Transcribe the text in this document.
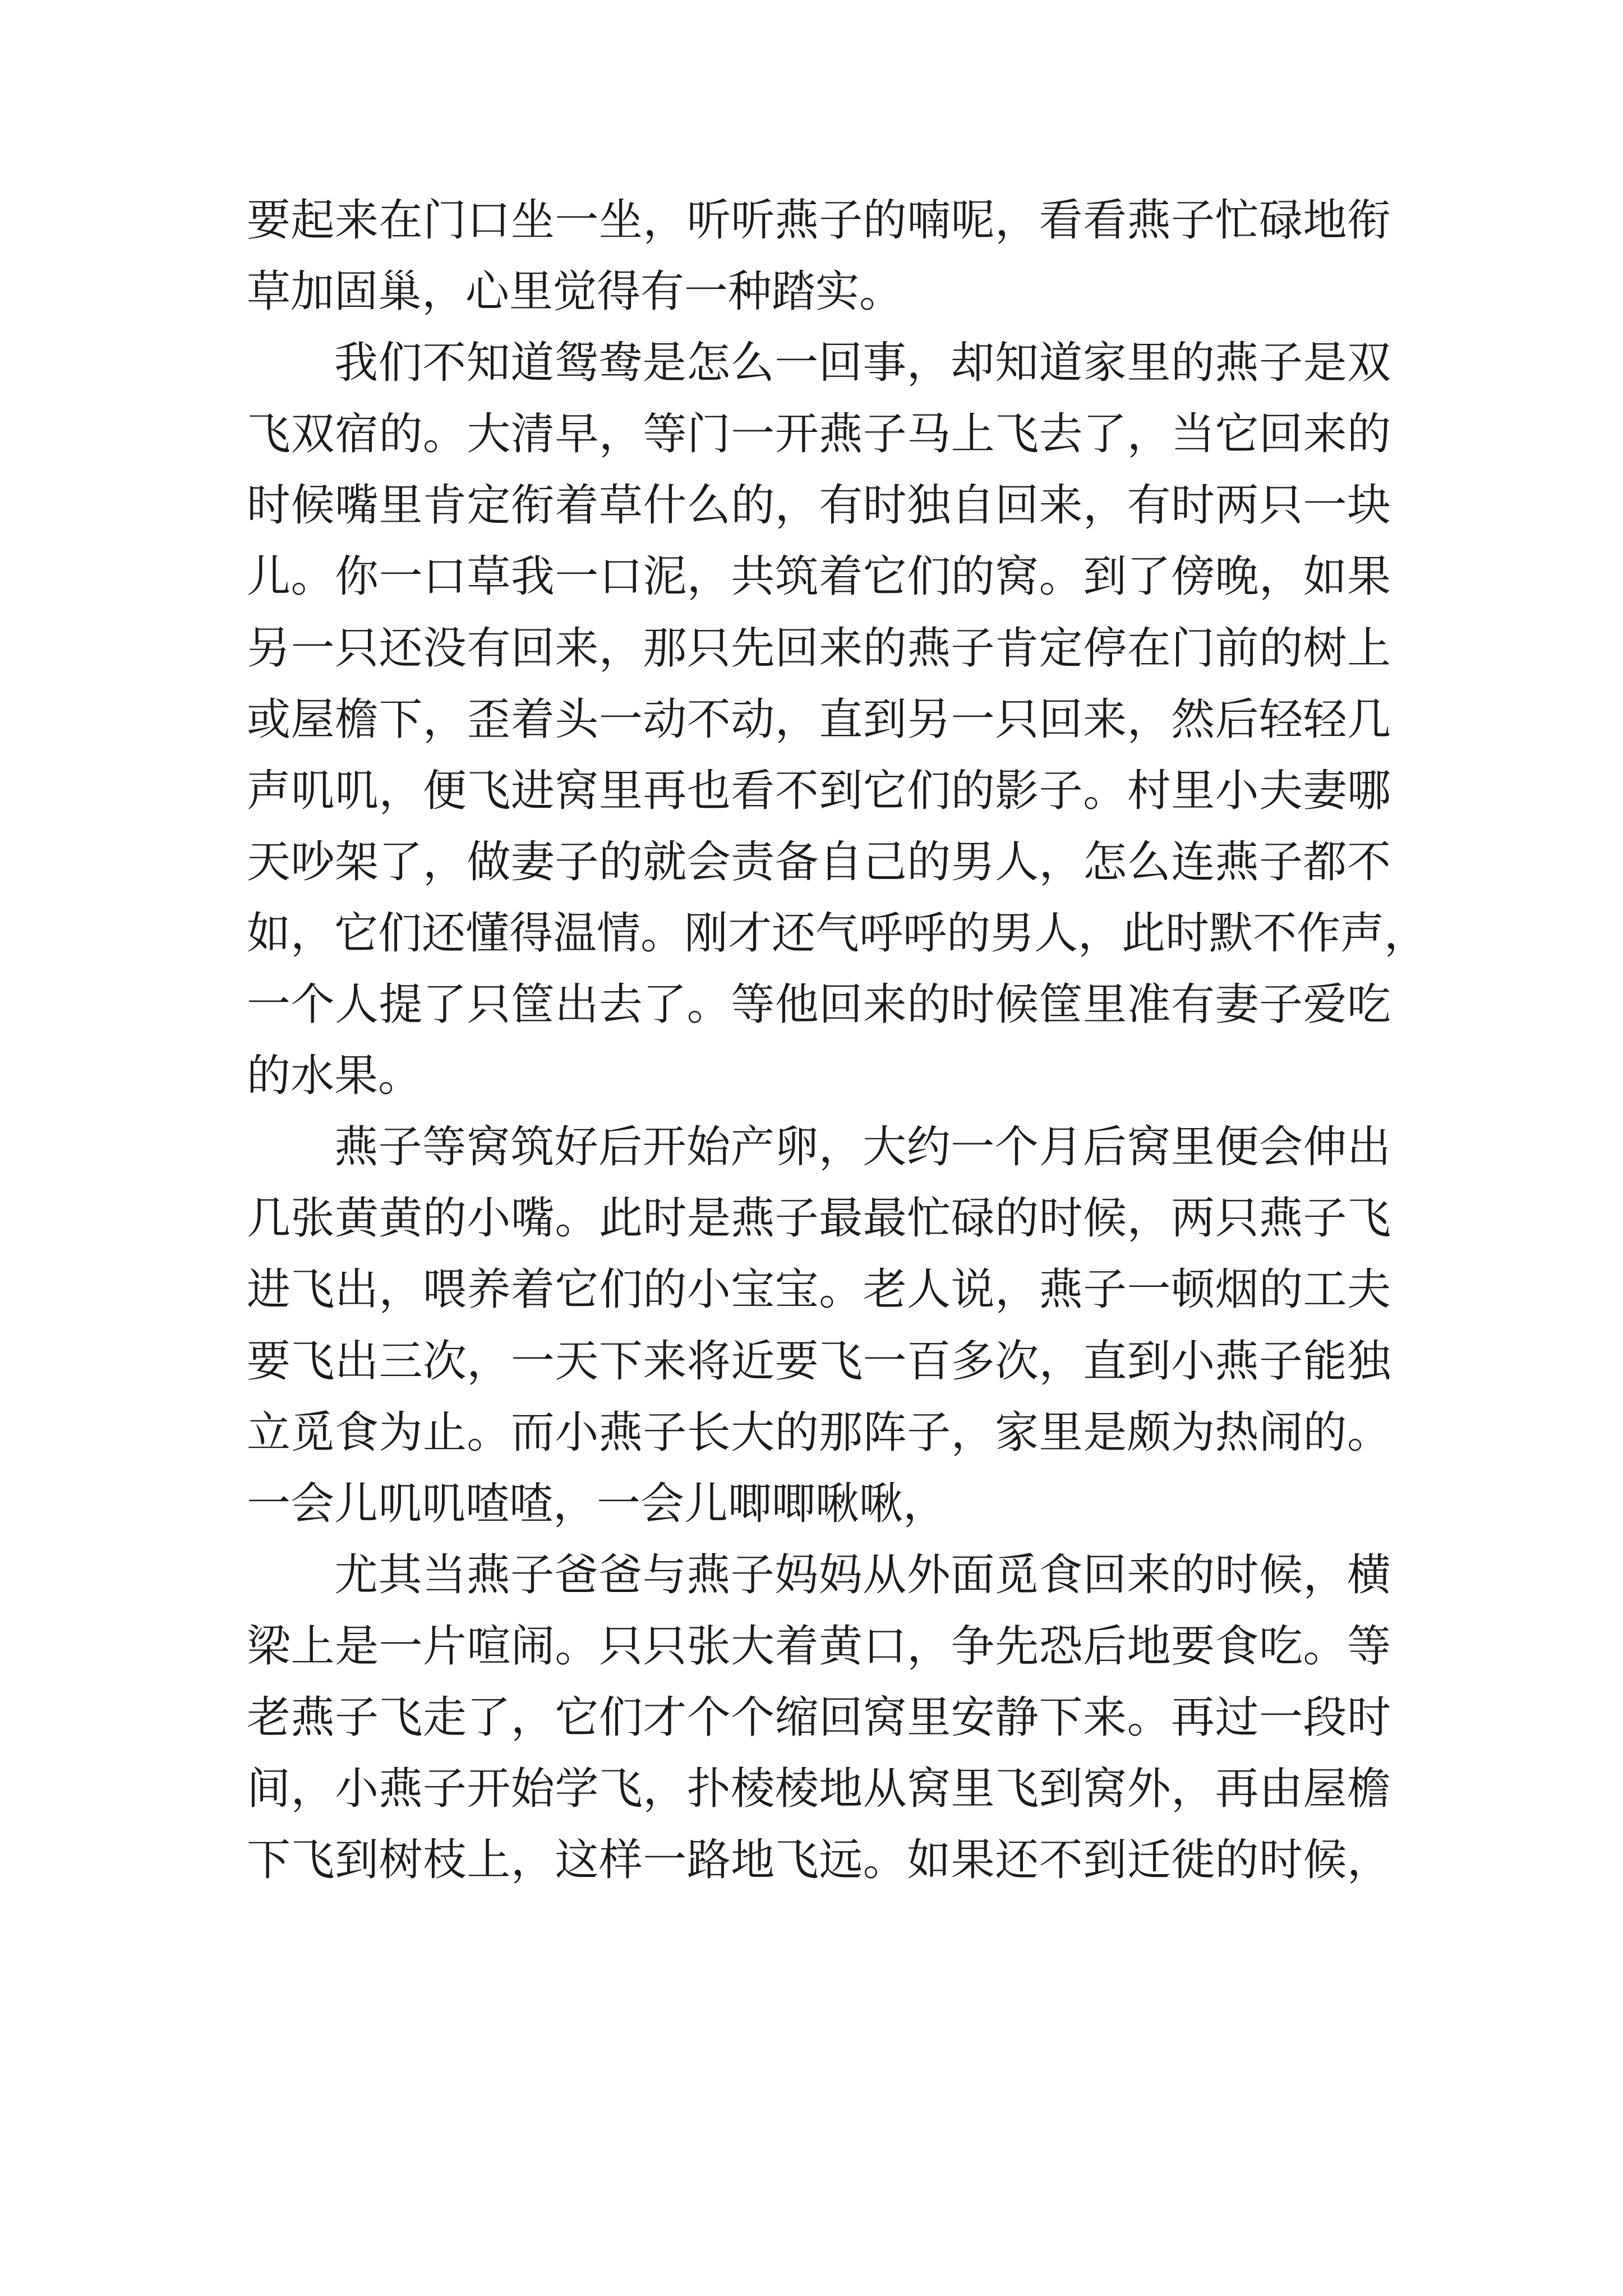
要起来在门口坐一坐，听听燕子的喃呢，看看燕子忙碌地衔
草加固巢，心里觉得有一种踏实。
我们不知道鸳鸯是怎么一回事，却知道家里的燕子是双
飞双宿的。大清早，等门一开燕子马上飞去了，当它回来的
时候嘴里肯定衔着草什么的，有时独自回来，有时两只一块
儿。你一口草我一口泥，共筑着它们的窝。到了傍晚，如果
另一只还没有回来，那只先回来的燕子肯定停在门前的树上
或屋檐下，歪着头一动不动，直到另一只回来，然后轻轻几
声叽叽，便飞进窝里再也看不到它们的影子。村里小夫妻哪
天吵架了，做妻子的就会责备自己的男人，怎么连燕子都不
如，它们还懂得温情。刚才还气呼呼的男人，此时默不作声，
一个人提了只筐出去了。等他回来的时候筐里准有妻子爱吃
的水果。
燕子等窝筑好后开始产卵，大约一个月后窝里便会伸出
几张黄黄的小嘴。此时是燕子最最忙碌的时候，两只燕子飞
进飞出，喂养着它们的小宝宝。老人说，燕子一顿烟的工夫
要飞出三次，一天下来将近要飞一百多次，直到小燕子能独
立觅食为止。而小燕子长大的那阵子，家里是颇为热闹的。
一会儿叽叽喳喳，一会儿唧唧啾啾，
尤其当燕子爸爸与燕子妈妈从外面觅食回来的时候，横
梁上是一片喧闹。只只张大着黄口，争先恐后地要食吃。等
老燕子飞走了，它们才个个缩回窝里安静下来。再过一段时
间，小燕子开始学飞，扑棱棱地从窝里飞到窝外，再由屋檐
下飞到树枝上，这样一路地飞远。如果还不到迁徙的时候，
